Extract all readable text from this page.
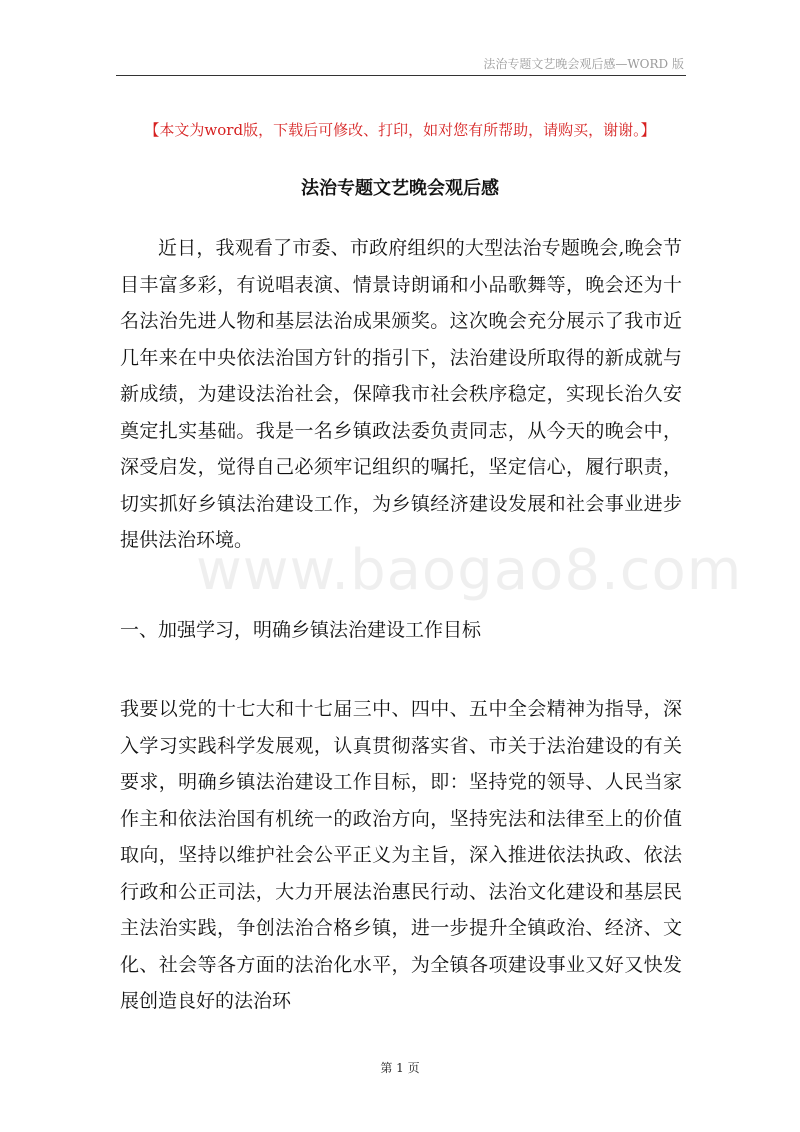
法治专题文艺晚会观后感—WORD 版
【本文为word版，下载后可修改、打印，如对您有所帮助，请购买，谢谢。】
法治专题文艺晚会观后感

近日，我观看了市委、市政府组织的大型法治专题晚会,晚会节目丰富多彩，有说唱表演、情景诗朗诵和小品歌舞等，晚会还为十名法治先进人物和基层法治成果颁奖。这次晚会充分展示了我市近几年来在中央依法治国方针的指引下，法治建设所取得的新成就与新成绩，为建设法治社会，保障我市社会秩序稳定，实现长治久安奠定扎实基础。我是一名乡镇政法委负责同志，从今天的晚会中，深受启发，觉得自己必须牢记组织的嘱托，坚定信心，履行职责，切实抓好乡镇法治建设工作，为乡镇经济建设发展和社会事业进步提供法治环境。

www.baogao8.com

一、加强学习，明确乡镇法治建设工作目标

我要以党的十七大和十七届三中、四中、五中全会精神为指导，深入学习实践科学发展观，认真贯彻落实省、市关于法治建设的有关要求，明确乡镇法治建设工作目标，即：坚持党的领导、人民当家作主和依法治国有机统一的政治方向，坚持宪法和法律至上的价值取向，坚持以维护社会公平正义为主旨，深入推进依法执政、依法行政和公正司法，大力开展法治惠民行动、法治文化建设和基层民主法治实践，争创法治合格乡镇，进一步提升全镇政治、经济、文化、社会等各方面的法治化水平，为全镇各项建设事业又好又快发展创造良好的法治环

第 1 页
